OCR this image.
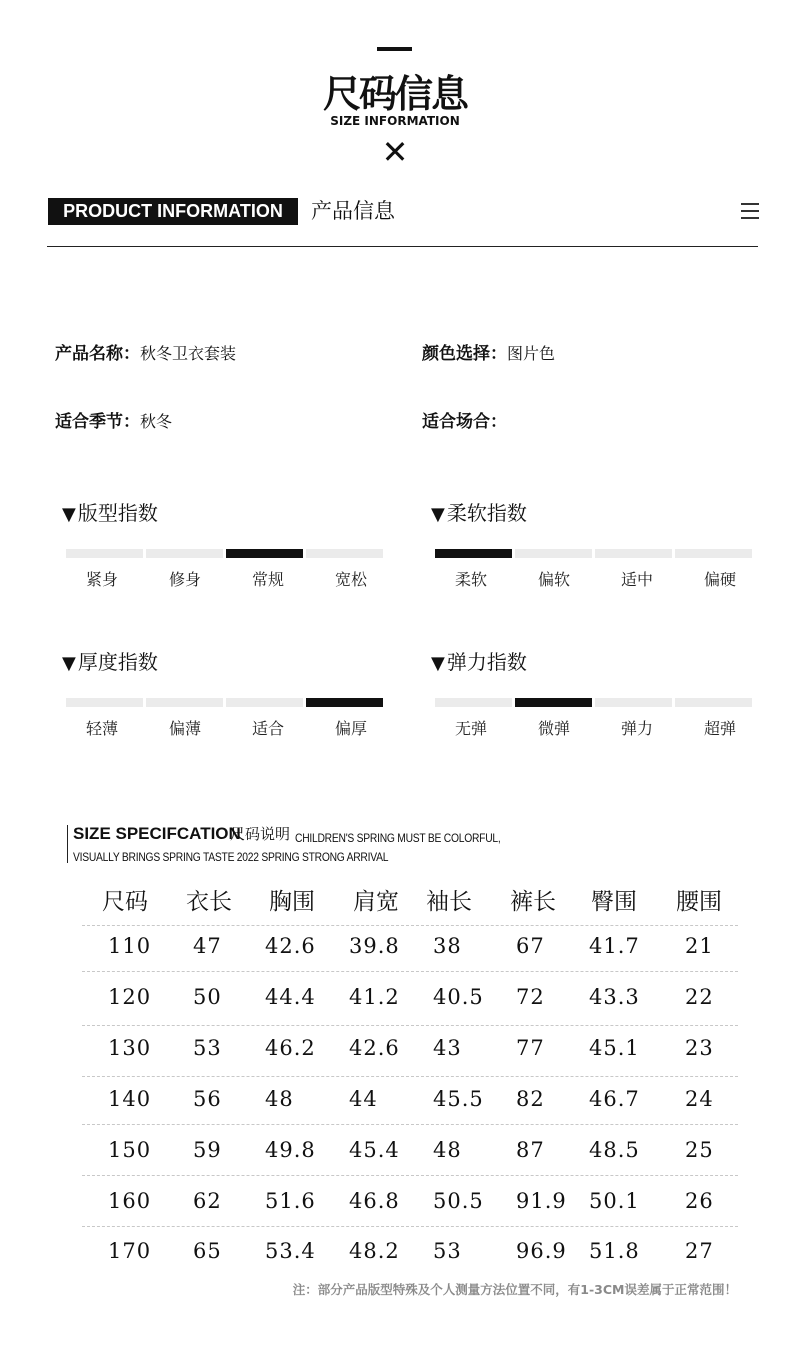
尺码信息
SIZE INFORMATION
✕
PRODUCT INFORMATION	产品信息
产品名称：秋冬卫衣套装	颜色选择：图片色
适合季节：秋冬	适合场合：
▼ 版型指数
紧身	修身	常规	宽松
▼ 柔软指数
柔软	偏软	适中	偏硬
▼ 厚度指数
轻薄	偏薄	适合	偏厚
▼ 弹力指数
无弹	微弹	弹力	超弹
SIZE SPECIFCATION
尺码说明 CHILDREN'S SPRING MUST BE COLORFUL,
VISUALLY BRINGS SPRING TASTE 2022 SPRING STRONG ARRIVAL
尺码 衣长 胸围 肩宽 袖长 裤长 臀围 腰围
110 47 42.6 39.8 38	67 41.7 21
120 50 44.4 41.2 40.5 72 43.3 22
130 53 46.2 42.6 43	77 45.1 23
140 56 48	44	45.5 82 46.7 24
150 59 49.8 45.4 48	87 48.5 25
160 62 51.6 46.8 50.5 91.9 50.1 26
170 65 53.4 48.2 53	96.9 51.8 27
注：部分产品版型特殊及个人测量方法位置不同，有1-3CM误差属于正常范围！
